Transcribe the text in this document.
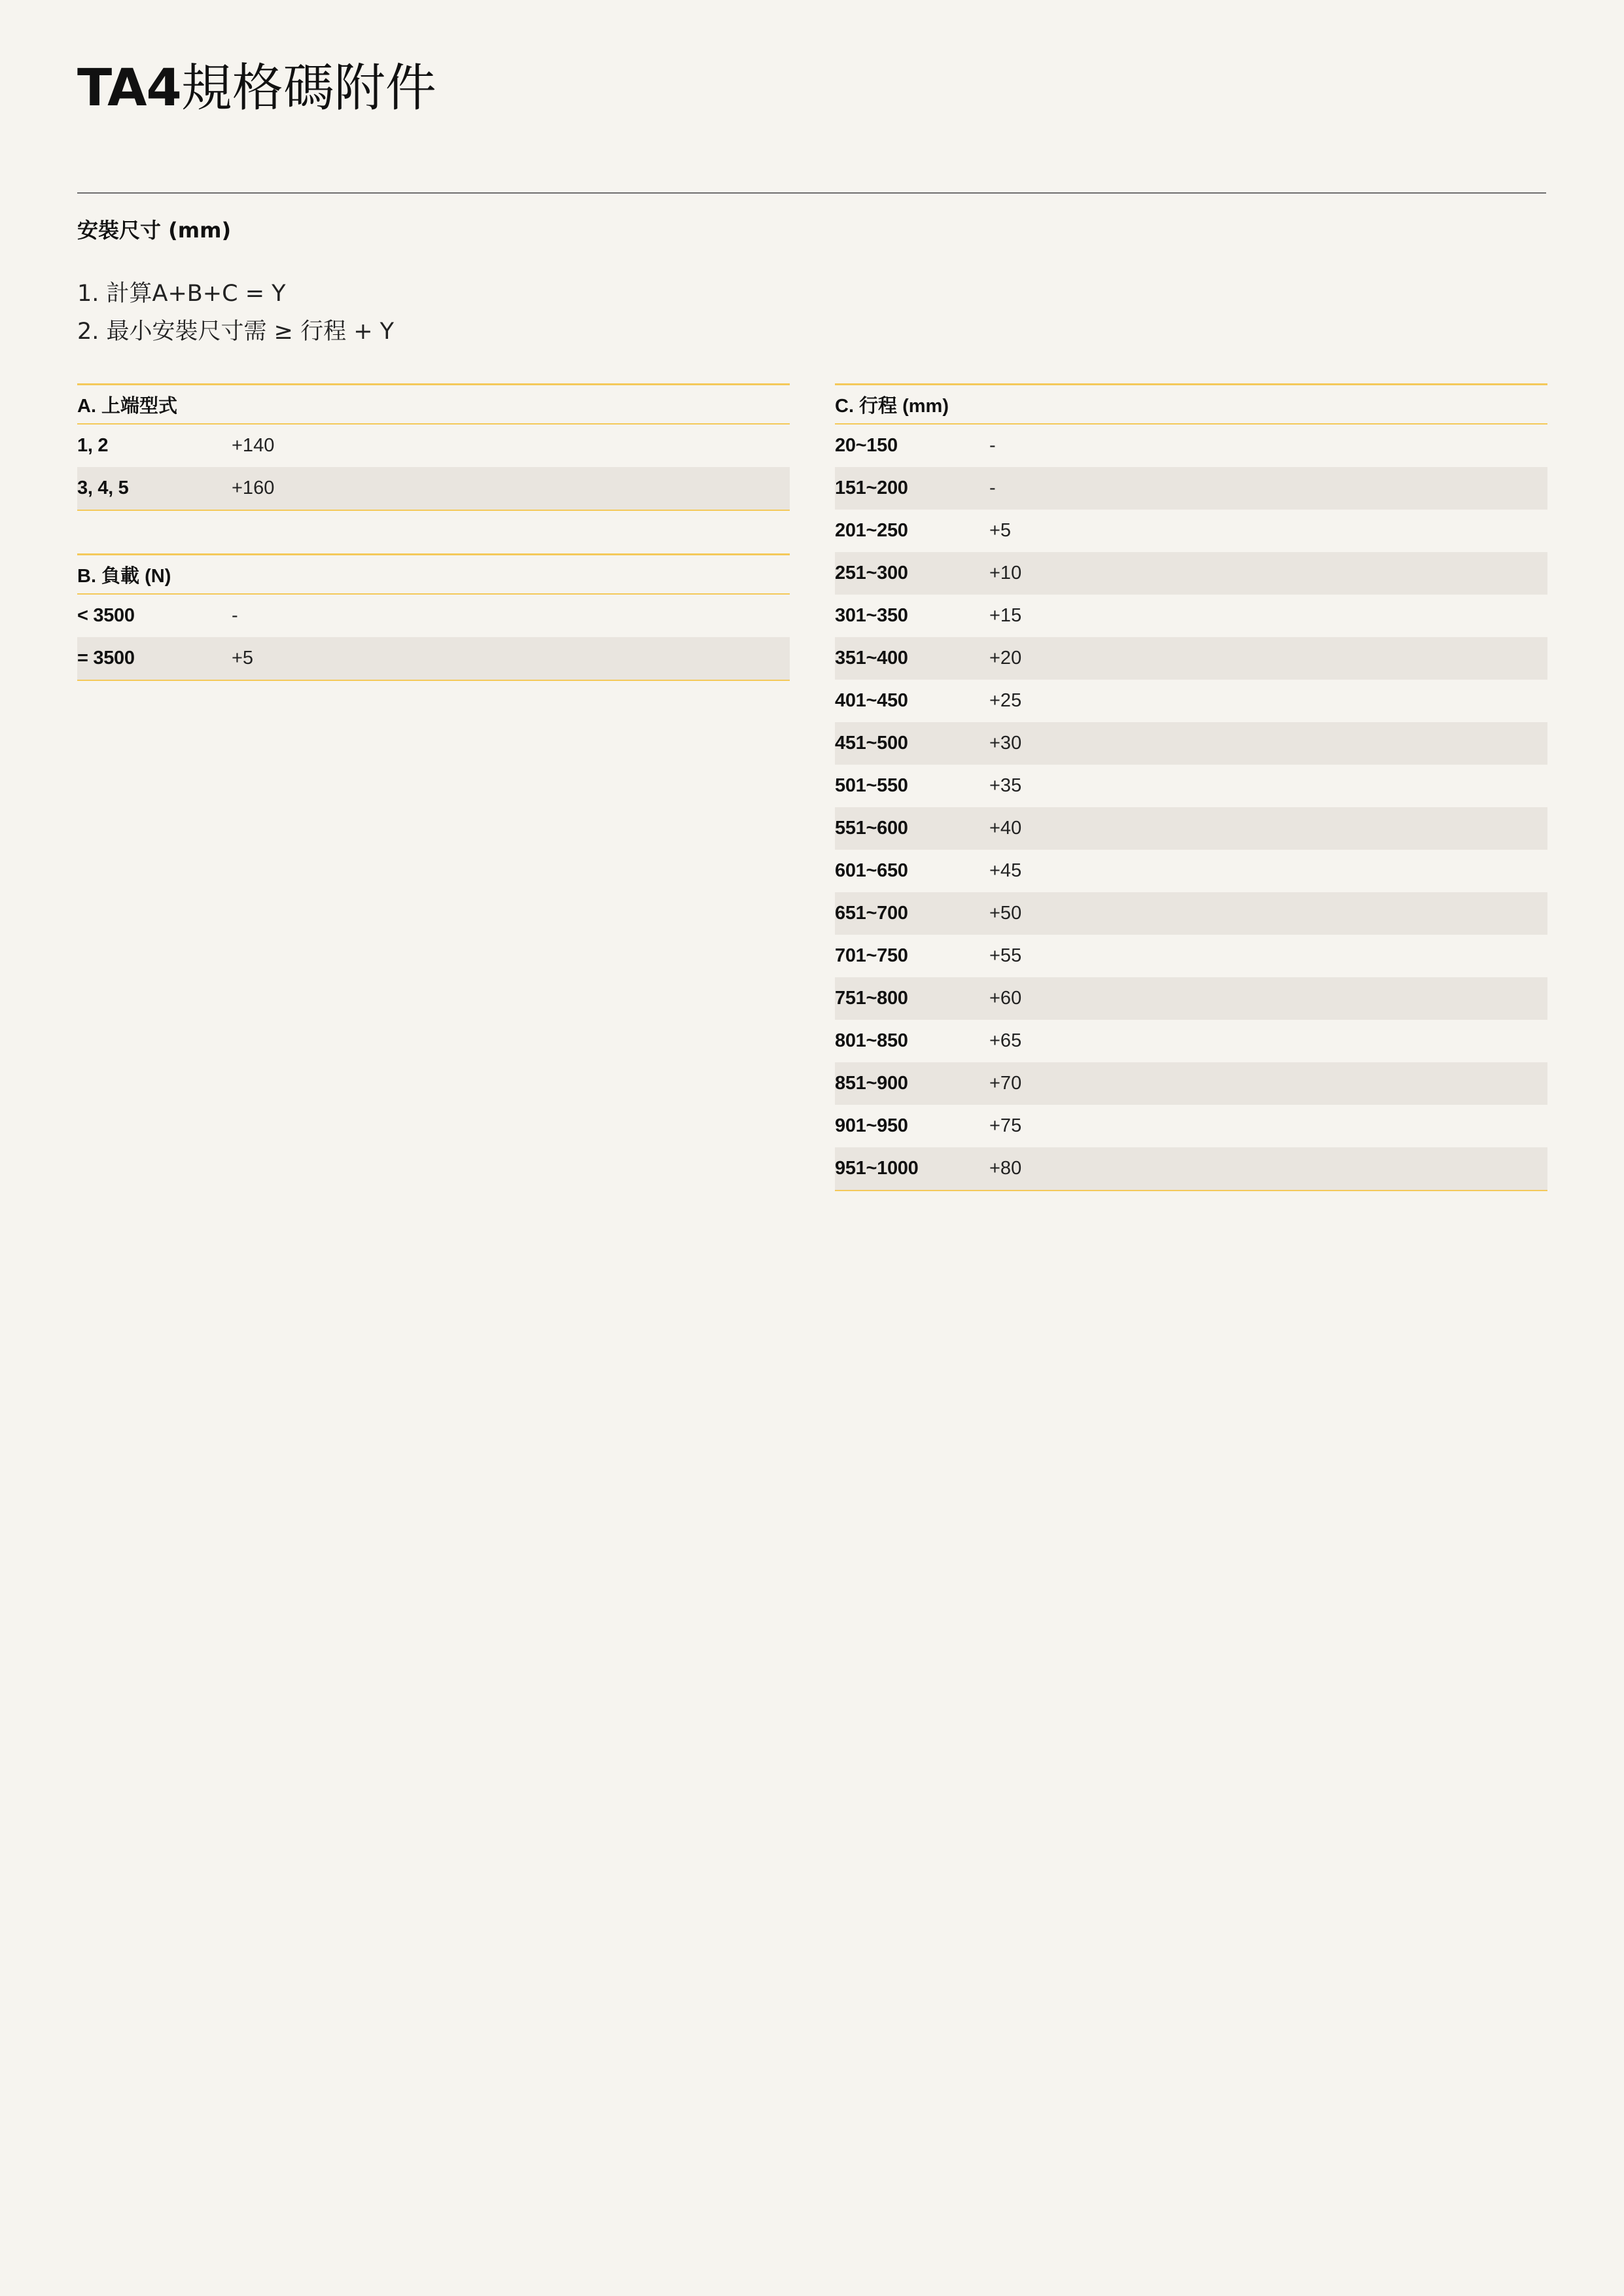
TA4規格碼附件
安裝尺寸 (mm)
1. 計算A+B+C = Y
2. 最小安裝尺寸需 ≥ 行程 + Y
A. 上端型式
1, 2	+140
3, 4, 5	+160
B. 負載 (N)
< 3500	-
= 3500	+5
C. 行程 (mm)
20~150	-
151~200	-
201~250	+5
251~300	+10
301~350	+15
351~400	+20
401~450	+25
451~500	+30
501~550	+35
551~600	+40
601~650	+45
651~700	+50
701~750	+55
751~800	+60
801~850	+65
851~900	+70
901~950	+75
951~1000	+80
